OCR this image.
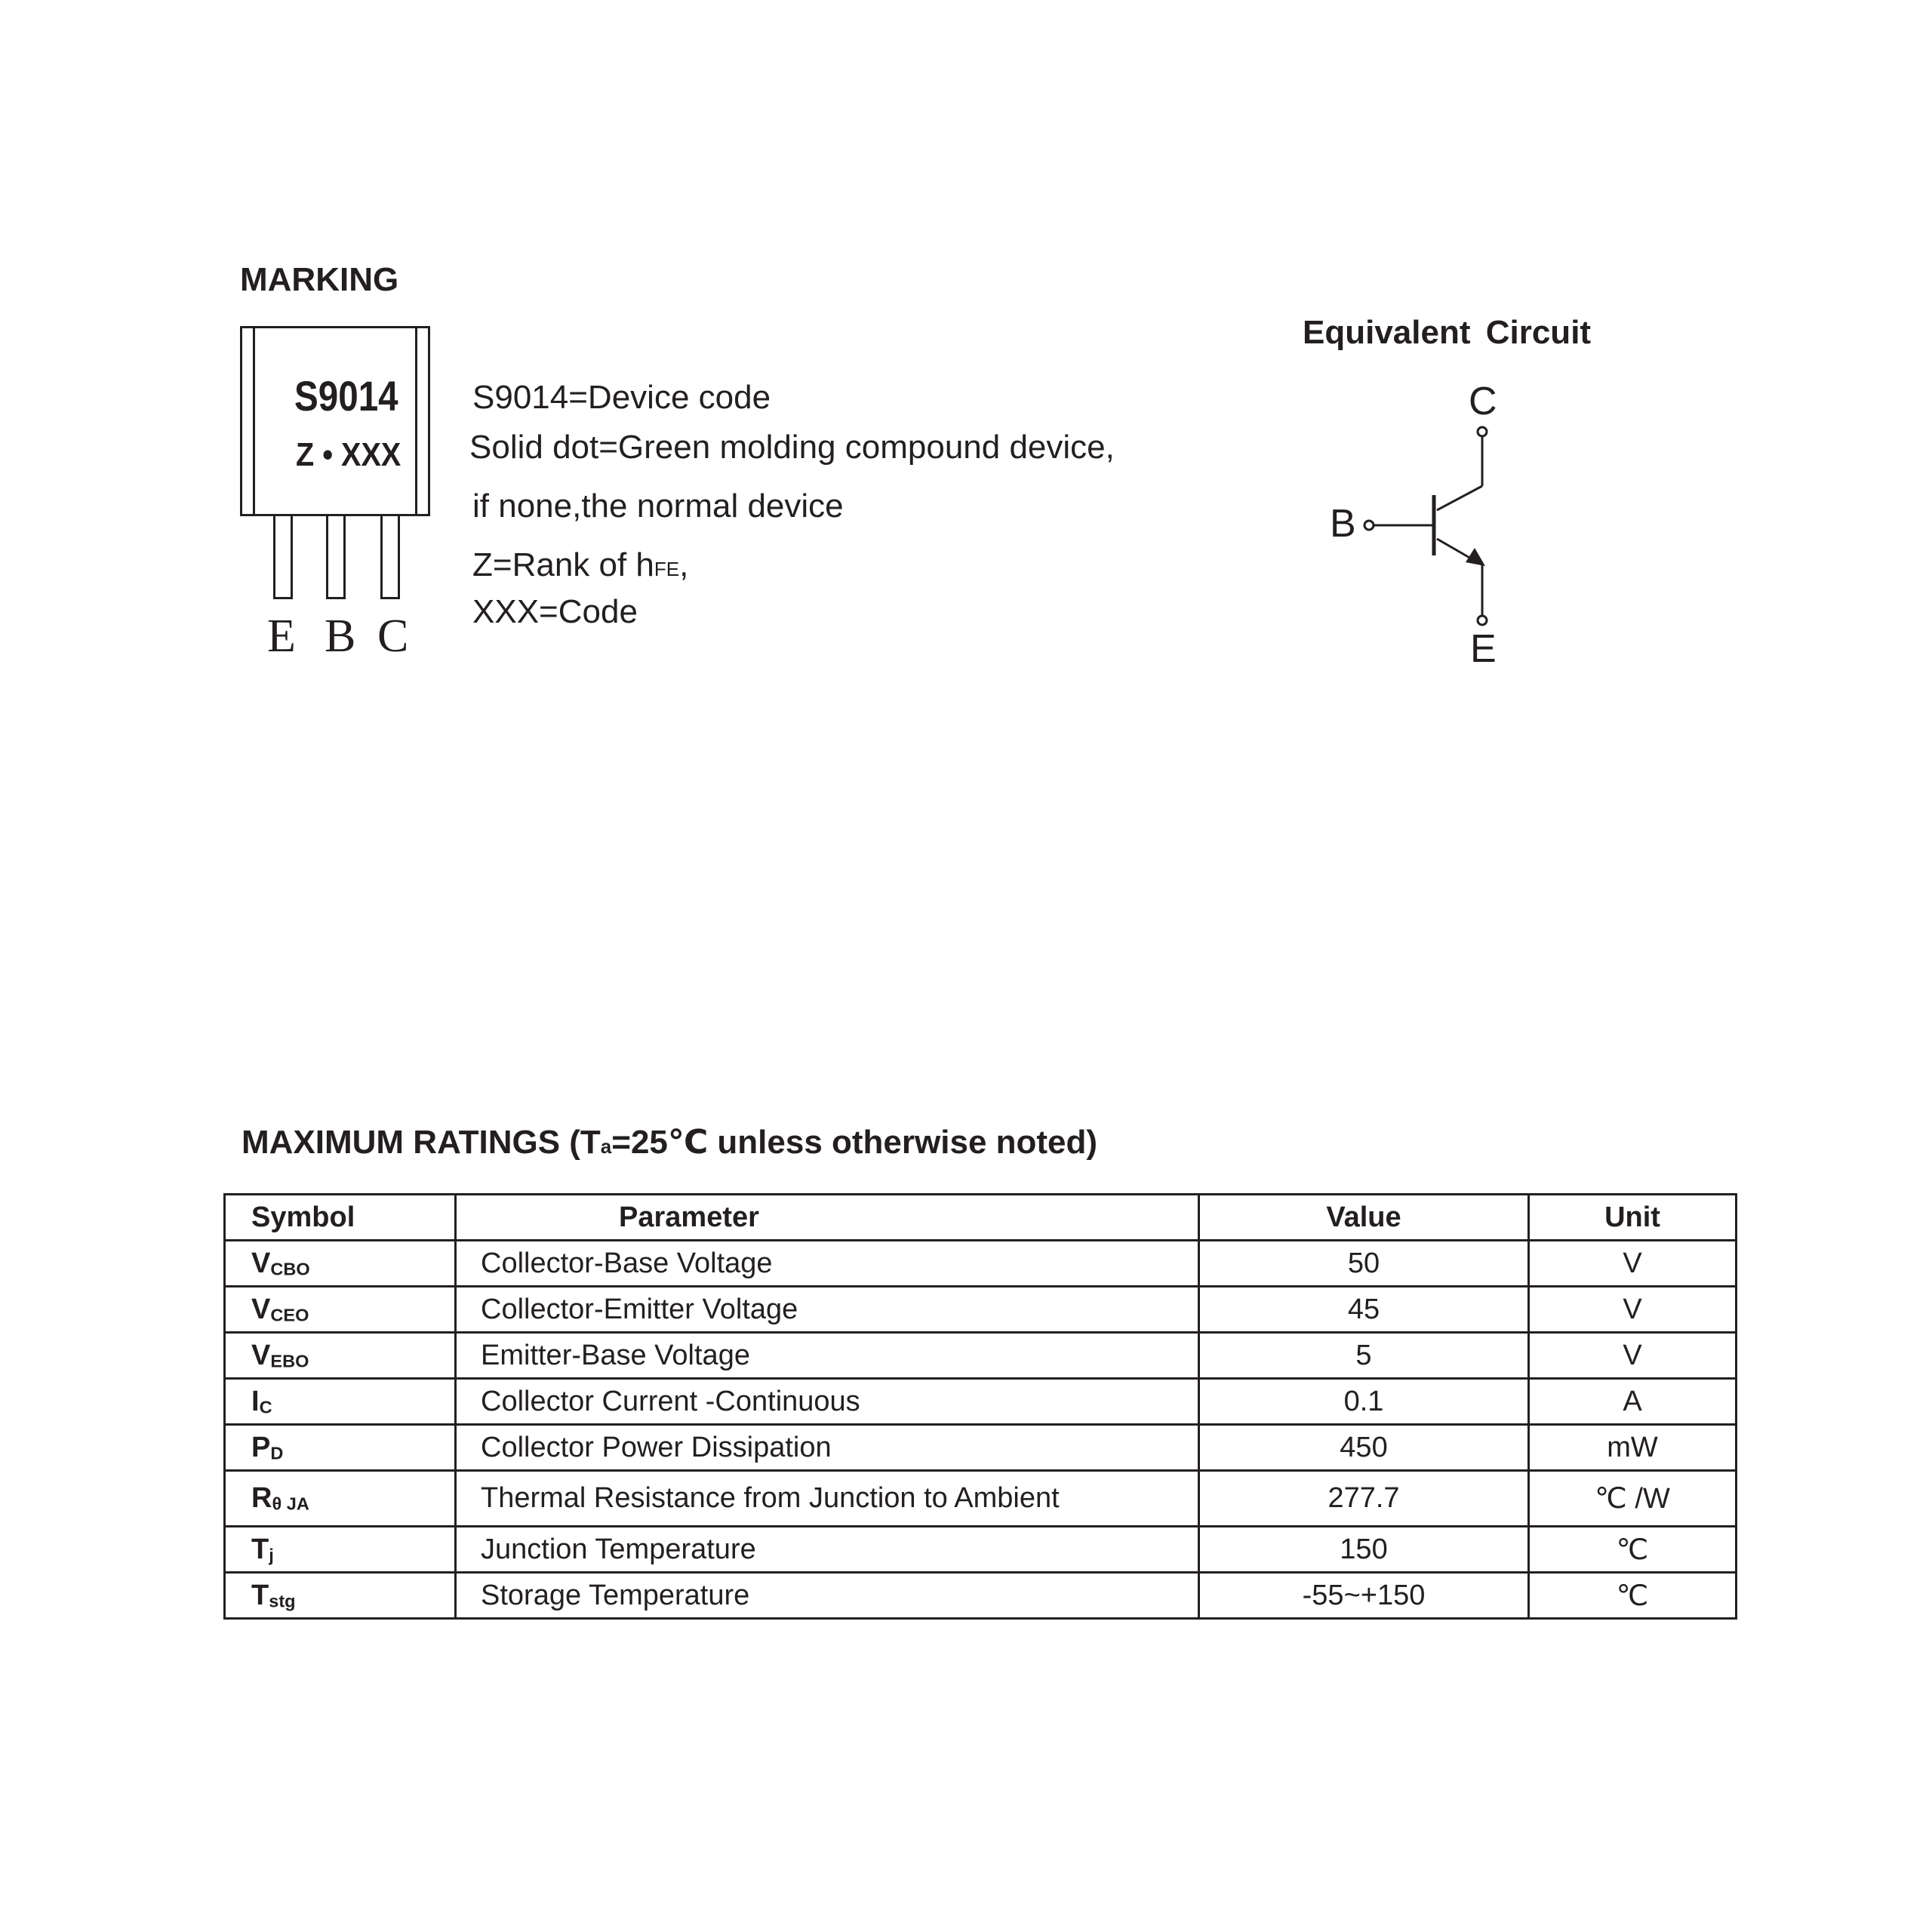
MARKING
S9014
Z • XXX
E B C
S9014=Device code
Solid dot=Green molding compound device,
if none,the normal device
Z=Rank of hFE,
XXX=Code
Equivalent Circuit
C
B
E
MAXIMUM RATINGS (Ta=25℃ unless otherwise noted)
Symbol	Parameter	Value	Unit
VCBO	Collector-Base Voltage	50	V
VCEO	Collector-Emitter Voltage	45	V
VEBO	Emitter-Base Voltage	5	V
IC	Collector Current -Continuous	0.1	A
PD	Collector Power Dissipation	450	mW
Rθ JA	Thermal Resistance from Junction to Ambient	277.7	℃ /W
Tj	Junction Temperature	150	℃
Tstg	Storage Temperature	-55~+150	℃
